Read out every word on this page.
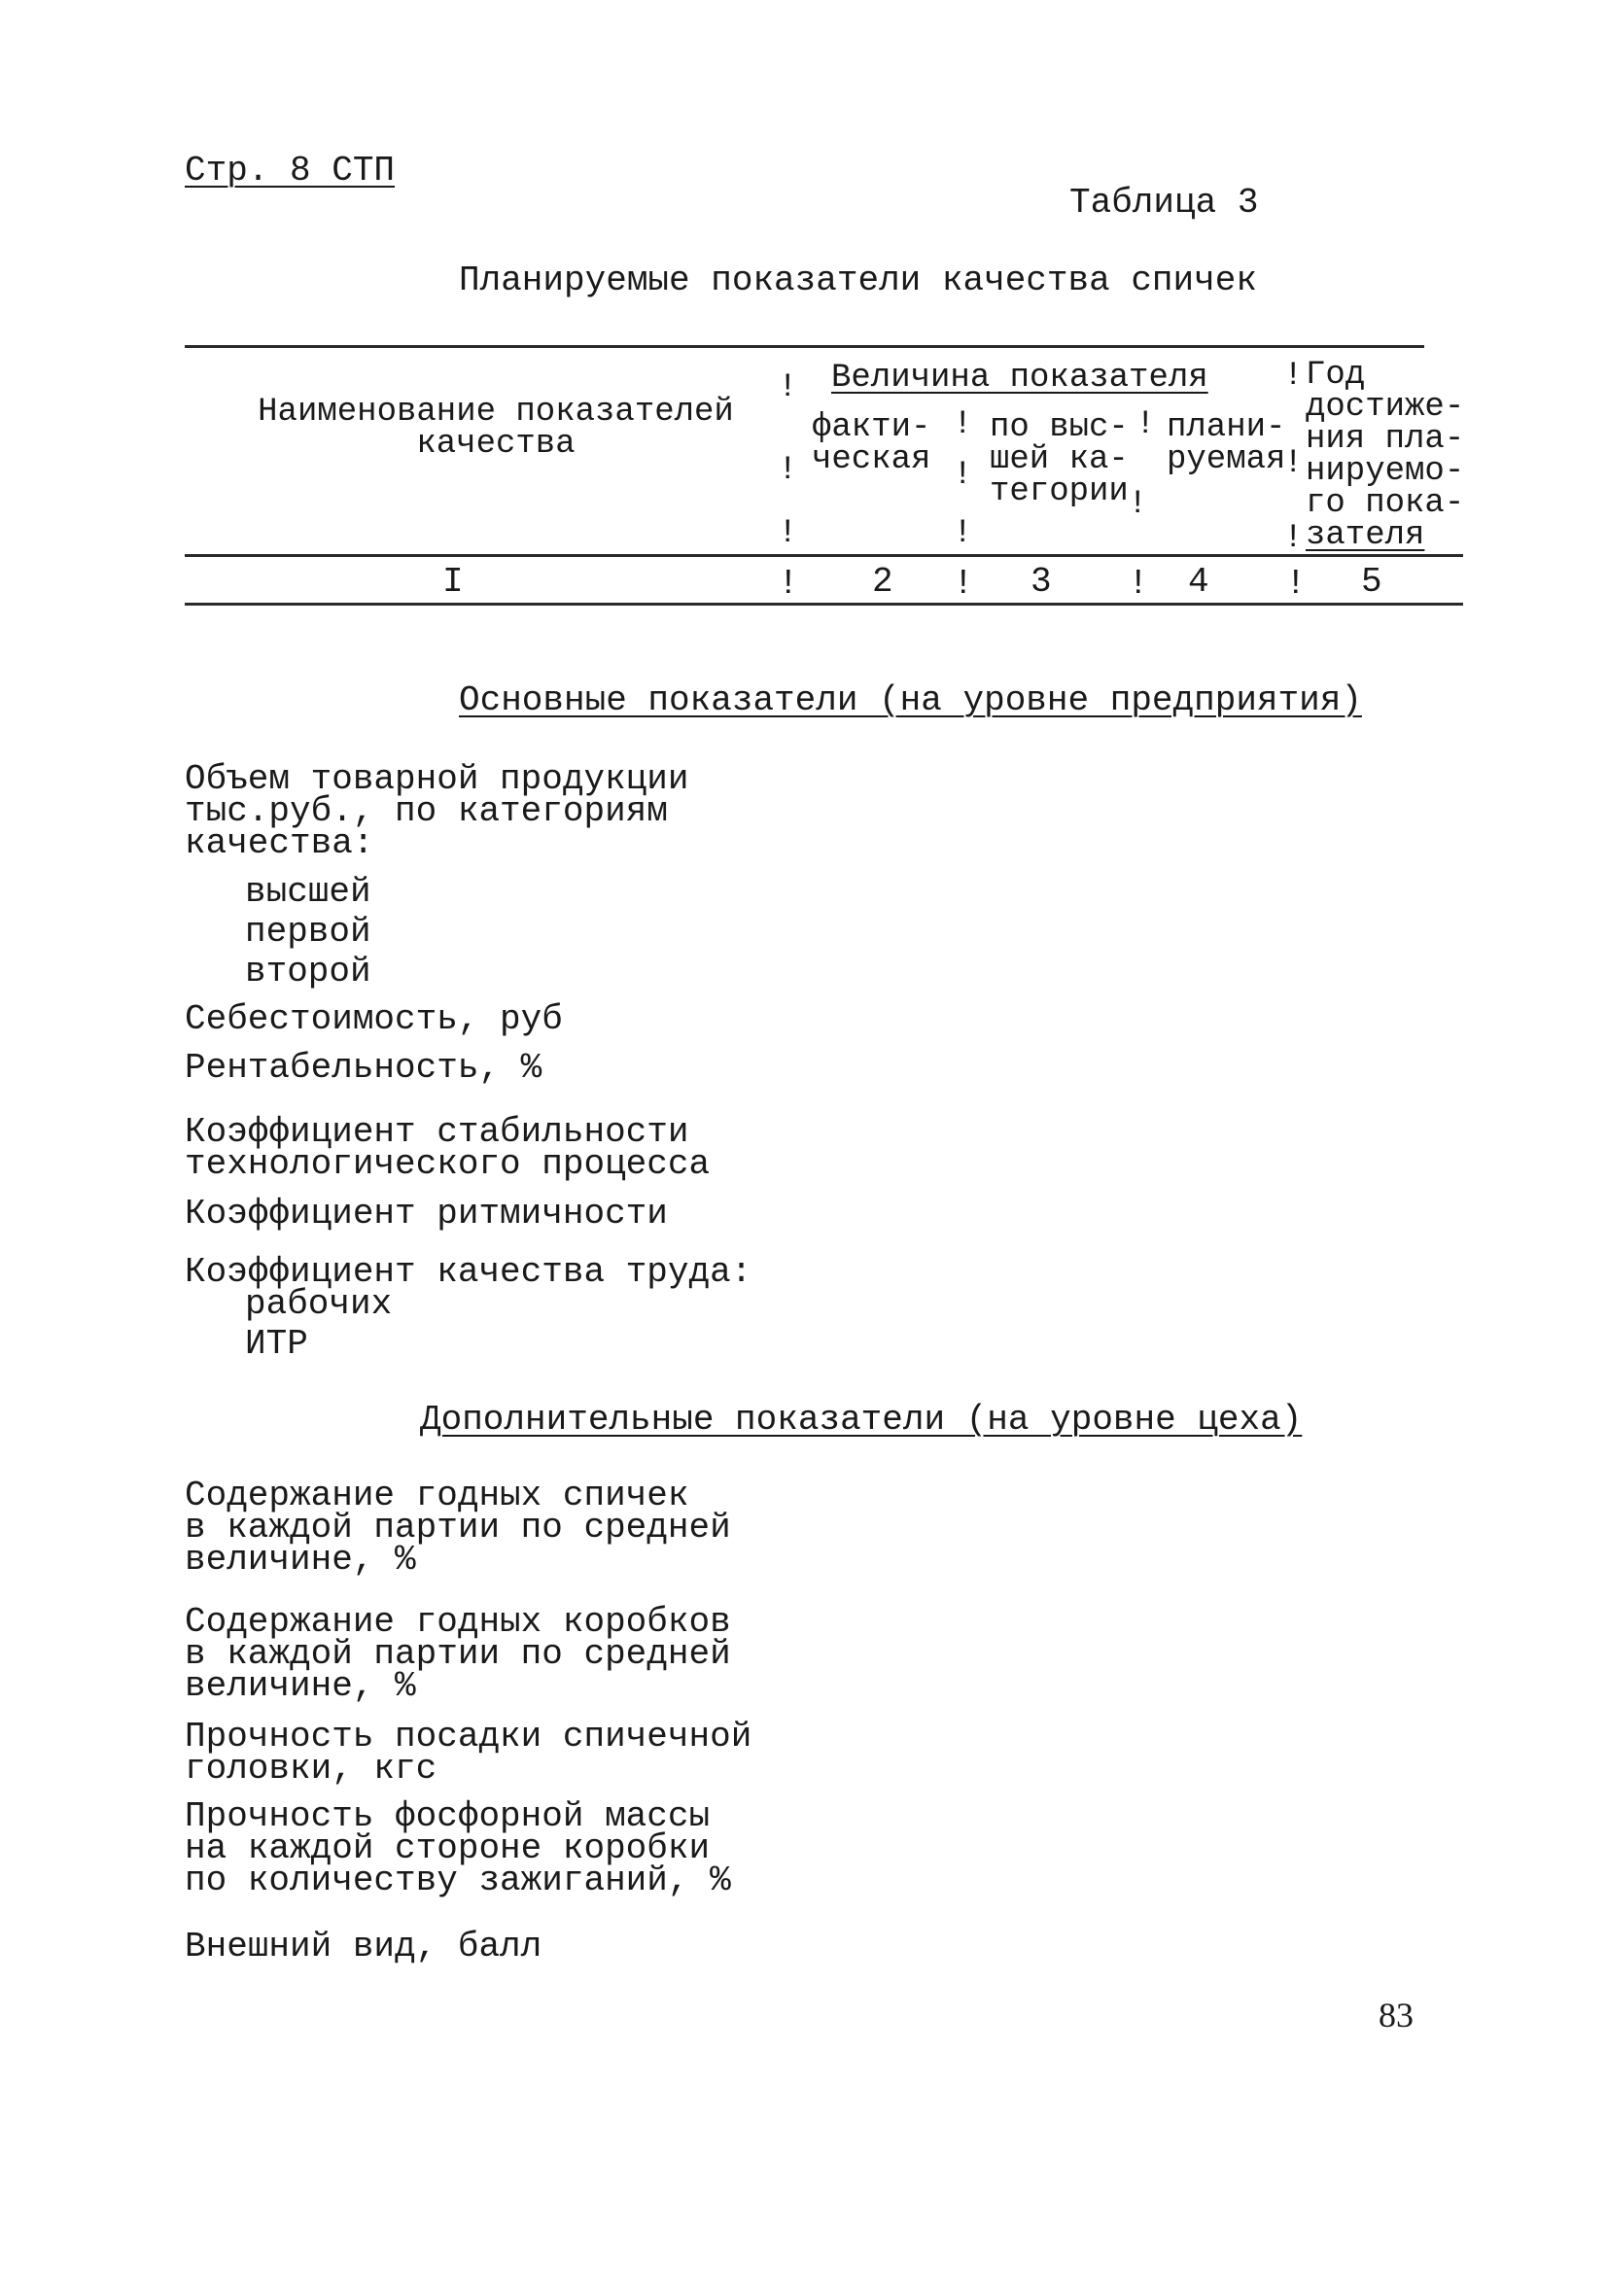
Стр. 8 СТП
Таблица 3
Планируемые показатели качества спичек
Наименование показателей
качества
Величина показателя
факти-
ческая
по выс-
шей ка-
тегории
плани-
руемая
Год
достиже-
ния пла-
нируемо-
го пока-
зателя
!
!
!
!
!
!
!
!
!
!
!
I	! 2 ! 3 ! 4 ! 5
Основные показатели (на уровне предприятия)
Объем товарной продукции
тыс.руб., по категориям
качества:
высшей
первой
второй
Себестоимость, руб
Рентабельность, %
Коэффициент стабильности
технологического процесса
Коэффициент ритмичности
Коэффициент качества труда:
рабочих
ИТР
Дополнительные показатели (на уровне цеха)
Содержание годных спичек
в каждой партии по средней
величине, %
Содержание годных коробков
в каждой партии по средней
величине, %
Прочность посадки спичечной
головки, кгс
Прочность фосфорной массы
на каждой стороне коробки
по количеству зажиганий, %
Внешний вид, балл
83
